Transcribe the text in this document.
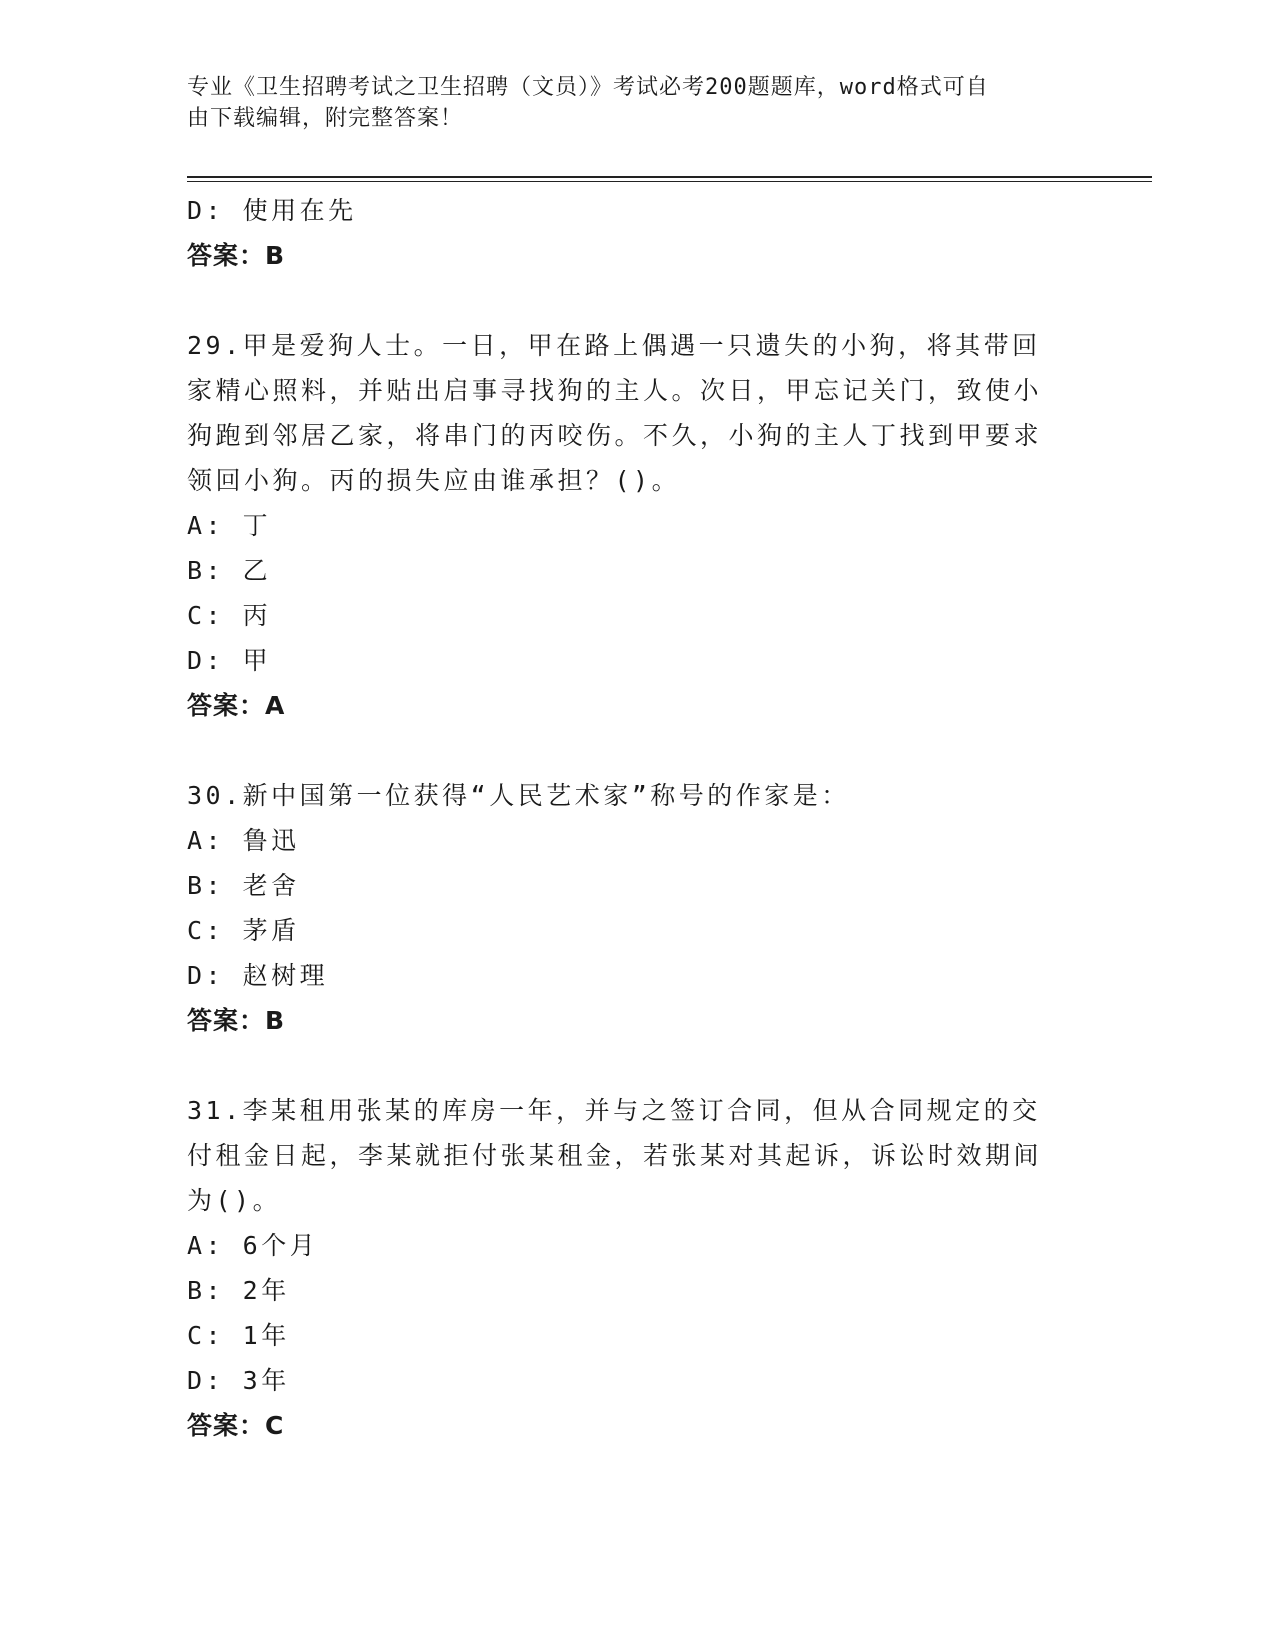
专业《卫生招聘考试之卫生招聘（文员）》考试必考200题题库，word格式可自
由下载编辑，附完整答案！
D: 使用在先
答案：B
29.甲是爱狗人士。一日，甲在路上偶遇一只遗失的小狗，将其带回家精心照料，并贴出启事寻找狗的主人。次日，甲忘记关门，致使小狗跑到邻居乙家，将串门的丙咬伤。不久，小狗的主人丁找到甲要求领回小狗。丙的损失应由谁承担？()。
A: 丁
B: 乙
C: 丙
D: 甲
答案：A
30.新中国第一位获得“人民艺术家”称号的作家是：
A: 鲁迅
B: 老舍
C: 茅盾
D: 赵树理
答案：B
31.李某租用张某的库房一年，并与之签订合同，但从合同规定的交付租金日起，李某就拒付张某租金，若张某对其起诉，诉讼时效期间为()。
A: 6个月
B: 2年
C: 1年
D: 3年
答案：C
